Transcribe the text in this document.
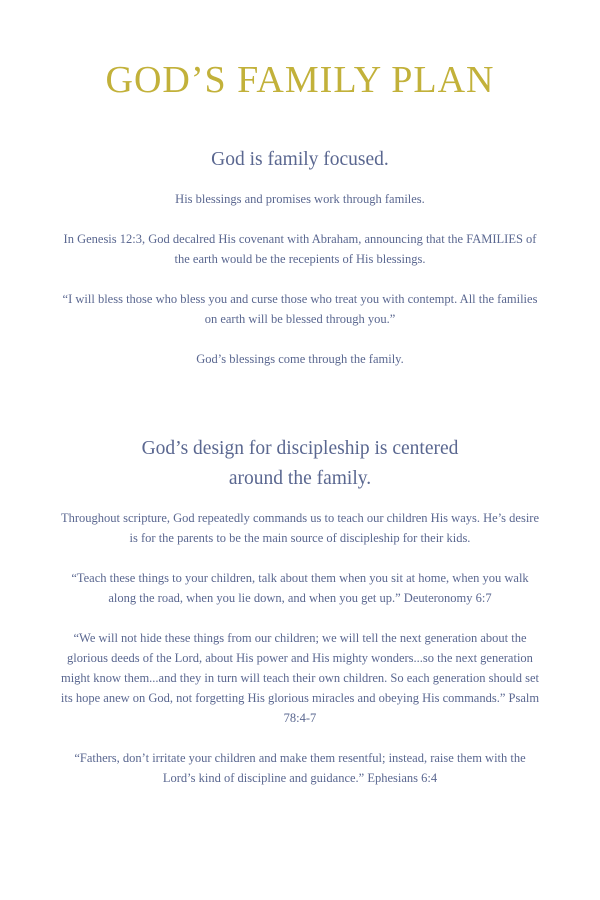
GOD’S FAMILY PLAN
God is family focused.

His blessings and promises work through familes.

In Genesis 12:3, God decalred His covenant with Abraham, announcing that the FAMILIES of the earth would be the recepients of His blessings.

“I will bless those who bless you and curse those who treat you with contempt. All the families on earth will be blessed through you.”

God’s blessings come through the family.

God’s design for discipleship is centered
around the family.

Throughout scripture, God repeatedly commands us to teach our children His ways. He’s desire is for the parents to be the main source of discipleship for their kids.

“Teach these things to your children, talk about them when you sit at home, when you walk along the road, when you lie down, and when you get up.” Deuteronomy 6:7

“We will not hide these things from our children; we will tell the next generation about the glorious deeds of the Lord, about His power and His mighty wonders...so the next generation might know them...and they in turn will teach their own children. So each generation should set its hope anew on God, not forgetting His glorious miracles and obeying His commands.” Psalm 78:4-7

“Fathers, don’t irritate your children and make them resentful; instead, raise them with the Lord’s kind of discipline and guidance.” Ephesians 6:4
